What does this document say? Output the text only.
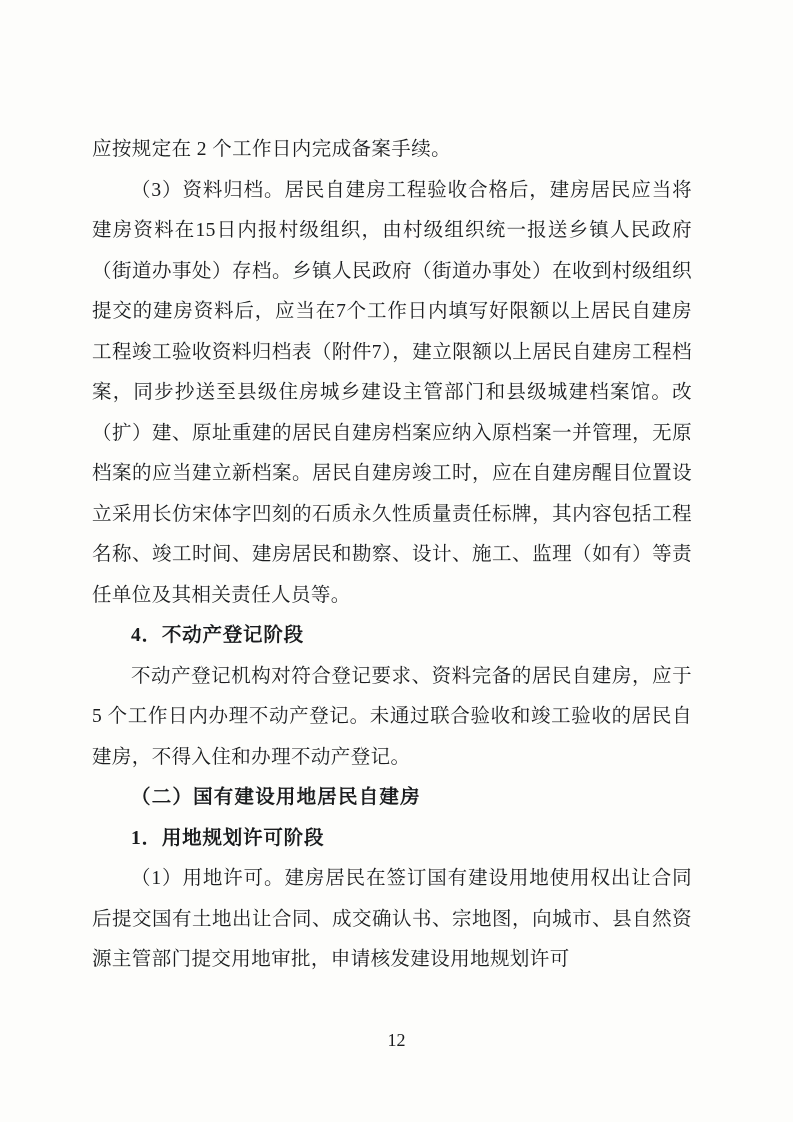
应按规定在 2 个工作日内完成备案手续。

（3）资料归档。居民自建房工程验收合格后，建房居民应当将建房资料在15日内报村级组织，由村级组织统一报送乡镇人民政府（街道办事处）存档。乡镇人民政府（街道办事处）在收到村级组织提交的建房资料后，应当在7个工作日内填写好限额以上居民自建房工程竣工验收资料归档表（附件7），建立限额以上居民自建房工程档案，同步抄送至县级住房城乡建设主管部门和县级城建档案馆。改（扩）建、原址重建的居民自建房档案应纳入原档案一并管理，无原档案的应当建立新档案。居民自建房竣工时，应在自建房醒目位置设立采用长仿宋体字凹刻的石质永久性质量责任标牌，其内容包括工程名称、竣工时间、建房居民和勘察、设计、施工、监理（如有）等责任单位及其相关责任人员等。

4．不动产登记阶段

不动产登记机构对符合登记要求、资料完备的居民自建房，应于 5 个工作日内办理不动产登记。未通过联合验收和竣工验收的居民自建房，不得入住和办理不动产登记。

（二）国有建设用地居民自建房

1．用地规划许可阶段

（1）用地许可。建房居民在签订国有建设用地使用权出让合同后提交国有土地出让合同、成交确认书、宗地图，向城市、县自然资源主管部门提交用地审批，申请核发建设用地规划许可

12
